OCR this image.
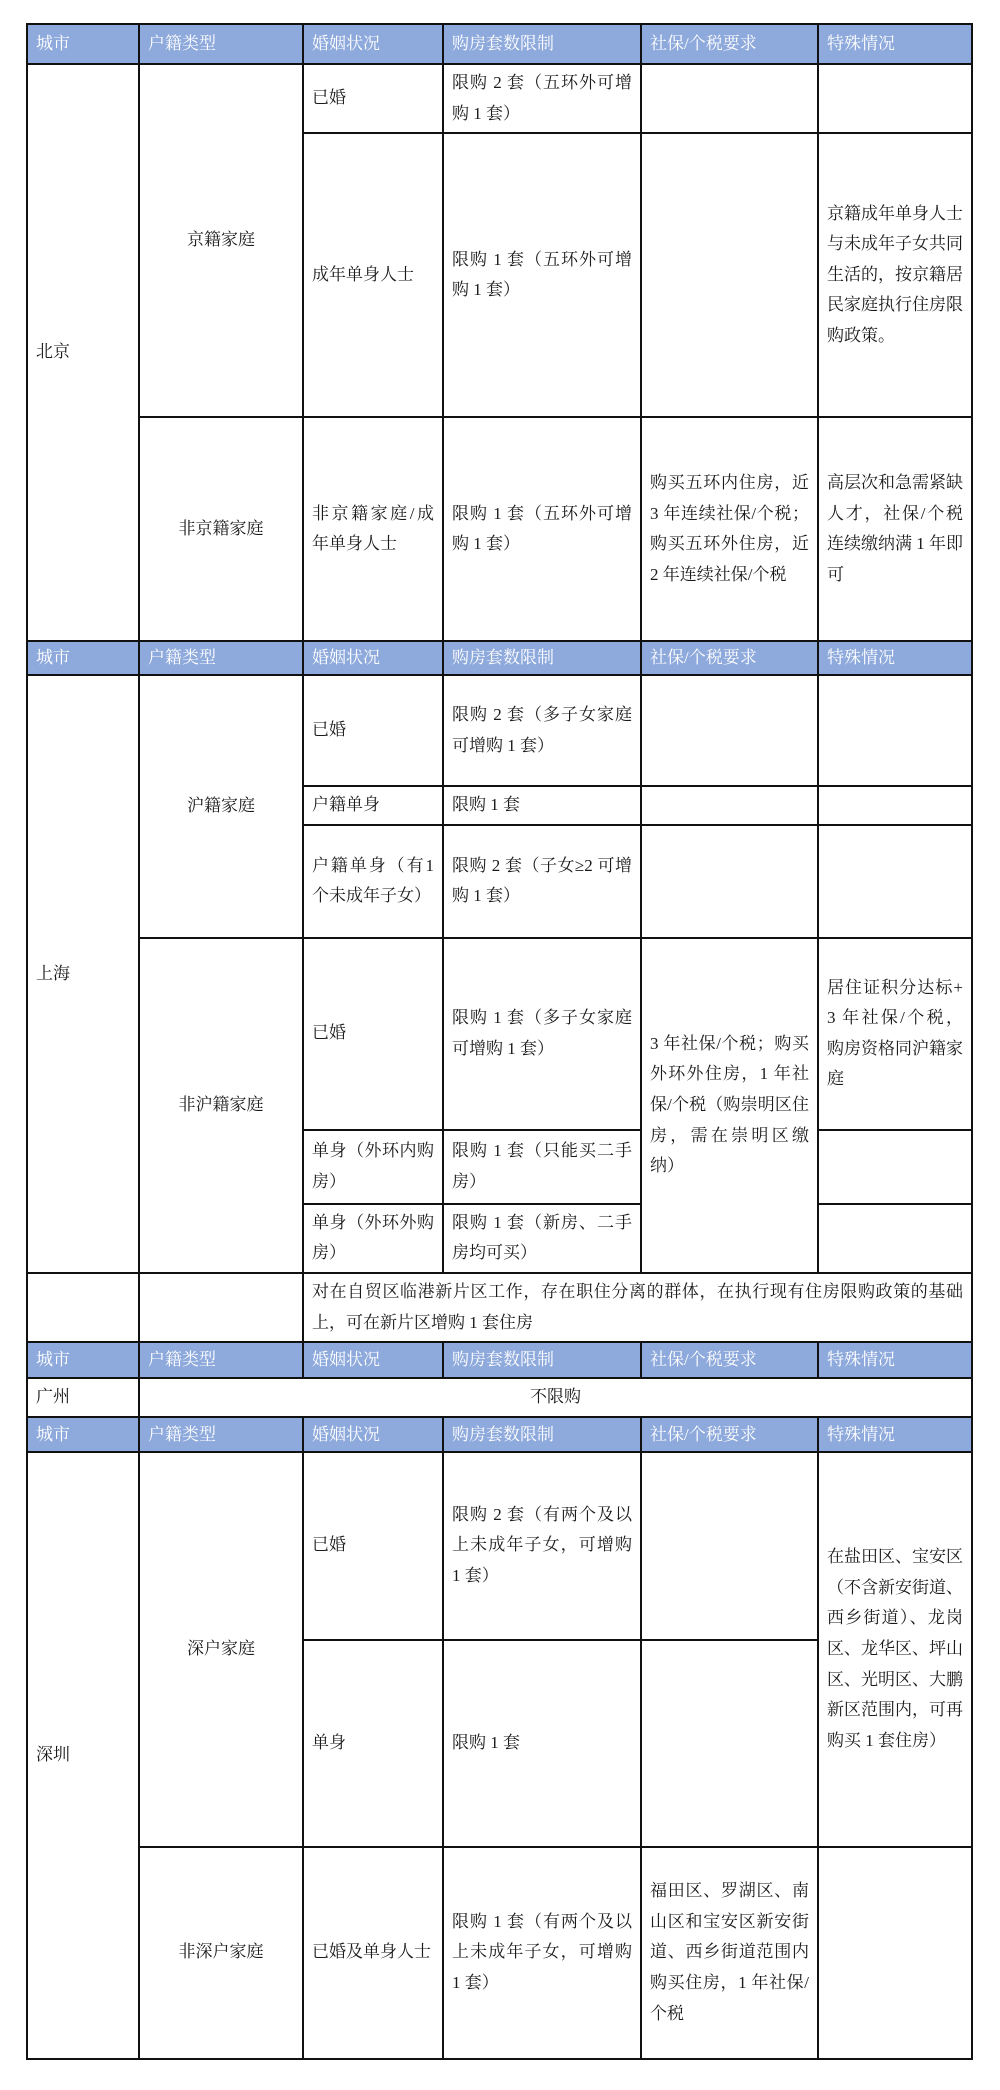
城市	户籍类型	婚姻状况	购房套数限制	社保/个税要求	特殊情况
北京	京籍家庭	已婚	限购 2 套（五环外可增购 1 套）		
		成年单身人士	限购 1 套（五环外可增购 1 套）		京籍成年单身人士与未成年子女共同生活的，按京籍居民家庭执行住房限购政策。
	非京籍家庭	非京籍家庭/成年单身人士	限购 1 套（五环外可增购 1 套）	购买五环内住房，近 3 年连续社保/个税；购买五环外住房，近 2 年连续社保/个税	高层次和急需紧缺人才，社保/个税连续缴纳满 1 年即可
城市	户籍类型	婚姻状况	购房套数限制	社保/个税要求	特殊情况
上海	沪籍家庭	已婚	限购 2 套（多子女家庭可增购 1 套）		
		户籍单身	限购 1 套		
		户籍单身（有1个未成年子女）	限购 2 套（子女≥2 可增购 1 套）		
	非沪籍家庭	已婚	限购 1 套（多子女家庭可增购 1 套）	3 年社保/个税；购买外环外住房，1 年社保/个税（购崇明区住房，需在崇明区缴纳）	居住证积分达标+3 年社保/个税，购房资格同沪籍家庭
		单身（外环内购房）	限购 1 套（只能买二手房）		
		单身（外环外购房）	限购 1 套（新房、二手房均可买）		
		对在自贸区临港新片区工作，存在职住分离的群体，在执行现有住房限购政策的基础上，可在新片区增购 1 套住房			
城市	户籍类型	婚姻状况	购房套数限制	社保/个税要求	特殊情况
广州	不限购				
城市	户籍类型	婚姻状况	购房套数限制	社保/个税要求	特殊情况
深圳	深户家庭	已婚	限购 2 套（有两个及以上未成年子女，可增购 1 套）		在盐田区、宝安区（不含新安街道、西乡街道）、龙岗区、龙华区、坪山区、光明区、大鹏新区范围内，可再购买 1 套住房）
		单身	限购 1 套		
	非深户家庭	已婚及单身人士	限购 1 套（有两个及以上未成年子女，可增购 1 套）	福田区、罗湖区、南山区和宝安区新安街道、西乡街道范围内购买住房，1 年社保/个税	
